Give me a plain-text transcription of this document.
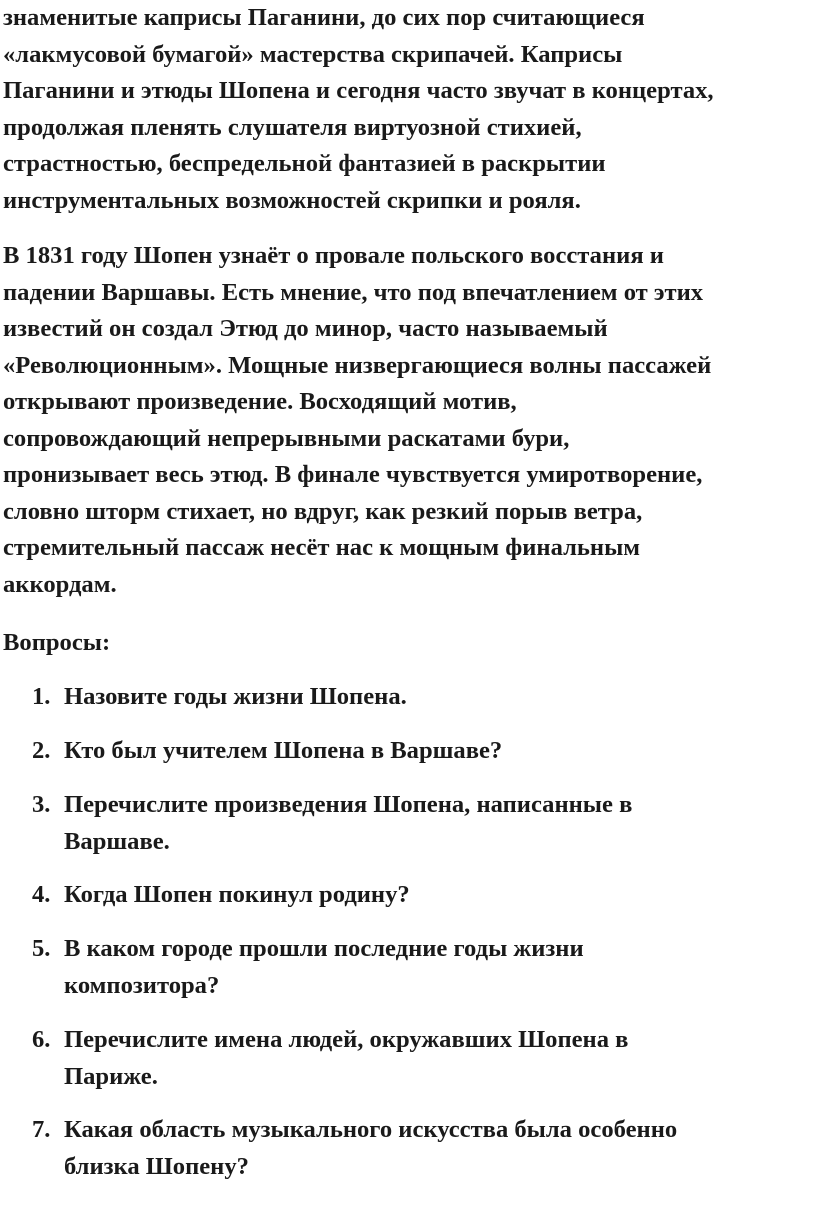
знаменитые каприсы Паганини, до сих пор считающиеся
«лакмусовой бумагой» мастерства скрипачей. Каприсы
Паганини и этюды Шопена и сегодня часто звучат в концертах,
продолжая пленять слушателя виртуозной стихией,
страстностью, беспредельной фантазией в раскрытии
инструментальных возможностей скрипки и рояля.

В 1831 году Шопен узнаёт о провале польского восстания и
падении Варшавы. Есть мнение, что под впечатлением от этих
известий он создал Этюд до минор, часто называемый
«Революционным». Мощные низвергающиеся волны пассажей
открывают произведение. Восходящий мотив,
сопровождающий непрерывными раскатами бури,
пронизывает весь этюд. В финале чувствуется умиротворение,
словно шторм стихает, но вдруг, как резкий порыв ветра,
стремительный пассаж несёт нас к мощным финальным
аккордам.

Вопросы:
1. Назовите годы жизни Шопена.
2. Кто был учителем Шопена в Варшаве?
3. Перечислите произведения Шопена, написанные в
Варшаве.
4. Когда Шопен покинул родину?
5. В каком городе прошли последние годы жизни
композитора?
6. Перечислите имена людей, окружавших Шопена в
Париже.
7. Какая область музыкального искусства была особенно
близка Шопену?
